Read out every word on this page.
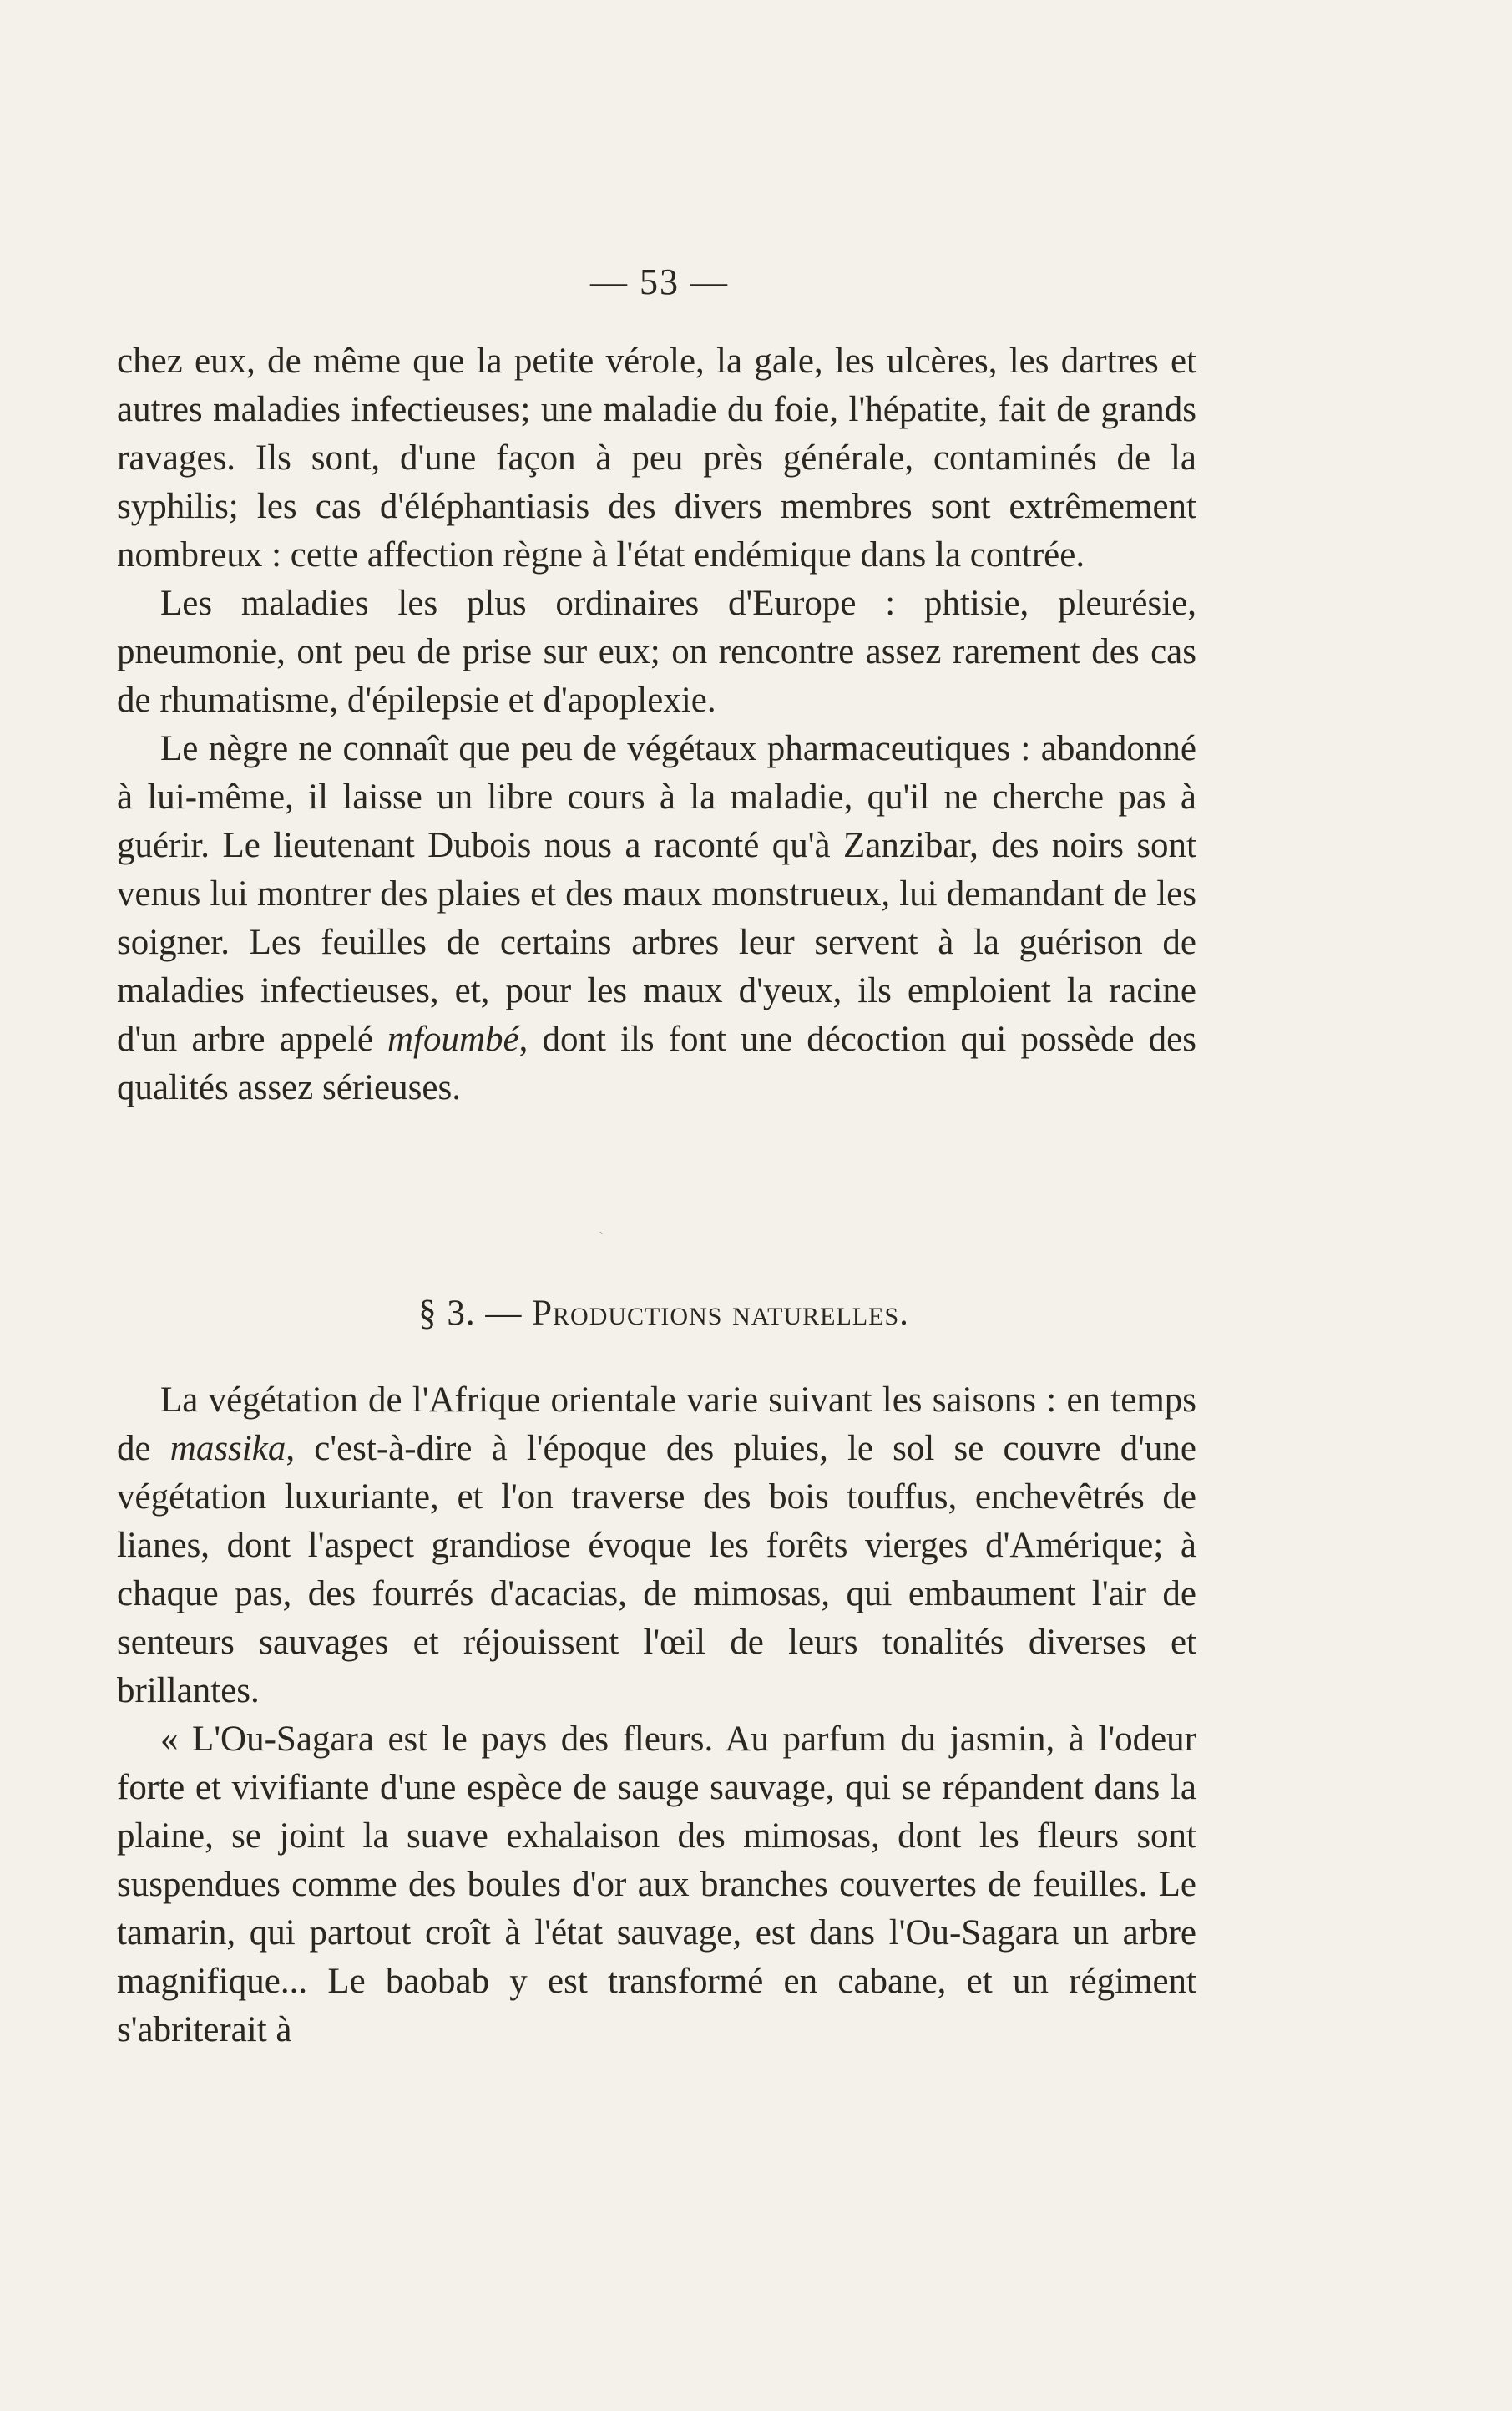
— 53 —

chez eux, de même que la petite vérole, la gale, les ulcères, les dartres et autres maladies infectieuses; une maladie du foie, l'hépatite, fait de grands ravages. Ils sont, d'une façon à peu près générale, contaminés de la syphilis; les cas d'éléphantiasis des divers membres sont extrêmement nombreux : cette affection règne à l'état endémique dans la contrée.

Les maladies les plus ordinaires d'Europe : phtisie, pleurésie, pneumonie, ont peu de prise sur eux; on rencontre assez rarement des cas de rhumatisme, d'épilepsie et d'apoplexie.

Le nègre ne connaît que peu de végétaux pharmaceutiques : abandonné à lui-même, il laisse un libre cours à la maladie, qu'il ne cherche pas à guérir. Le lieutenant Dubois nous a raconté qu'à Zanzibar, des noirs sont venus lui montrer des plaies et des maux monstrueux, lui demandant de les soigner. Les feuilles de certains arbres leur servent à la guérison de maladies infectieuses, et, pour les maux d'yeux, ils emploient la racine d'un arbre appelé mfoumbé, dont ils font une décoction qui possède des qualités assez sérieuses.

ˋ
§ 3. — Productions naturelles.

La végétation de l'Afrique orientale varie suivant les saisons : en temps de massika, c'est-à-dire à l'époque des pluies, le sol se couvre d'une végétation luxuriante, et l'on traverse des bois touffus, enchevêtrés de lianes, dont l'aspect grandiose évoque les forêts vierges d'Amérique; à chaque pas, des fourrés d'acacias, de mimosas, qui embaument l'air de senteurs sauvages et réjouissent l'œil de leurs tonalités diverses et brillantes.

« L'Ou-Sagara est le pays des fleurs. Au parfum du jasmin, à l'odeur forte et vivifiante d'une espèce de sauge sauvage, qui se répandent dans la plaine, se joint la suave exhalaison des mimosas, dont les fleurs sont suspendues comme des boules d'or aux branches couvertes de feuilles. Le tamarin, qui partout croît à l'état sauvage, est dans l'Ou-Sagara un arbre magnifique... Le baobab y est transformé en cabane, et un régiment s'abriterait à
